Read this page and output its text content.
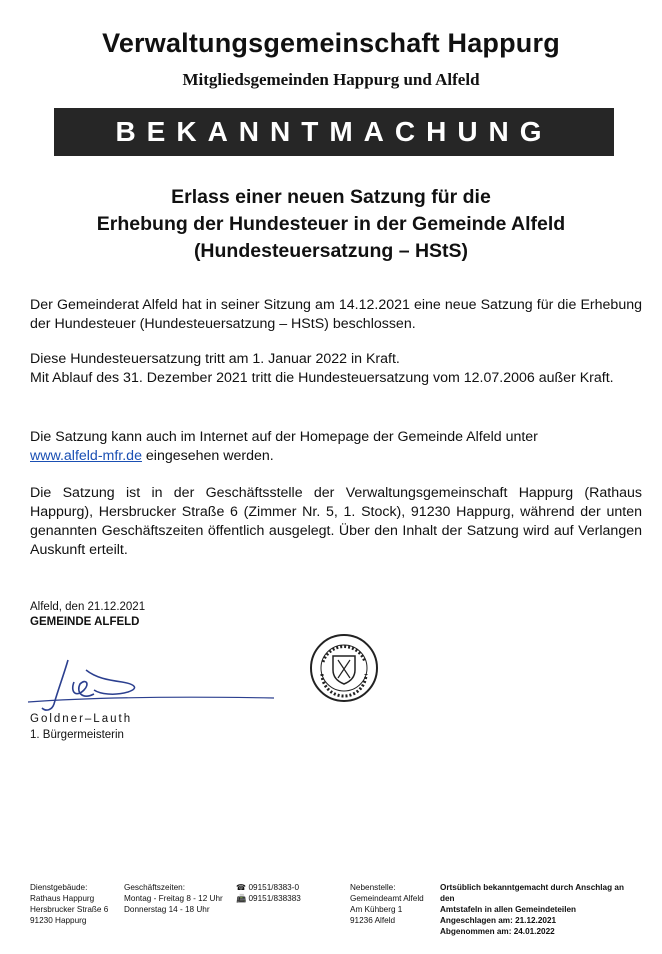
Verwaltungsgemeinschaft Happurg
Mitgliedsgemeinden Happurg und Alfeld
BEKANNTMACHUNG
Erlass einer neuen Satzung für die
Erhebung der Hundesteuer in der Gemeinde Alfeld
(Hundesteuersatzung – HStS)
Der Gemeinderat Alfeld hat in seiner Sitzung am 14.12.2021 eine neue Satzung für die Erhebung der Hundesteuer (Hundesteuersatzung – HStS) beschlossen.
Diese Hundesteuersatzung tritt am 1. Januar 2022 in Kraft.
Mit Ablauf des 31. Dezember 2021 tritt die Hundesteuersatzung vom 12.07.2006 außer Kraft.
Die Satzung kann auch im Internet auf der Homepage der Gemeinde Alfeld unter
www.alfeld-mfr.de eingesehen werden.
Die Satzung ist in der Geschäftsstelle der Verwaltungsgemeinschaft Happurg (Rathaus Happurg), Hersbrucker Straße 6 (Zimmer Nr. 5, 1. Stock), 91230 Happurg, während der unten genannten Geschäftszeiten öffentlich ausgelegt. Über den Inhalt der Satzung wird auf Verlangen Auskunft erteilt.
Alfeld, den 21.12.2021
GEMEINDE ALFELD
Goldner–Lauth
1. Bürgermeisterin
Dienstgebäude:
Rathaus Happurg
Hersbrucker Straße 6
91230 Happurg
Geschäftszeiten:
Montag - Freitag 8 - 12 Uhr
Donnerstag 14 - 18 Uhr
☎ 09151/8383-0
📠 09151/838383
Nebenstelle:
Gemeindeamt Alfeld
Am Kühberg 1
91236 Alfeld
Ortsüblich bekanntgemacht durch Anschlag an den
Amtstafeln in allen Gemeindeteilen
Angeschlagen am: 21.12.2021
Abgenommen am: 24.01.2022
